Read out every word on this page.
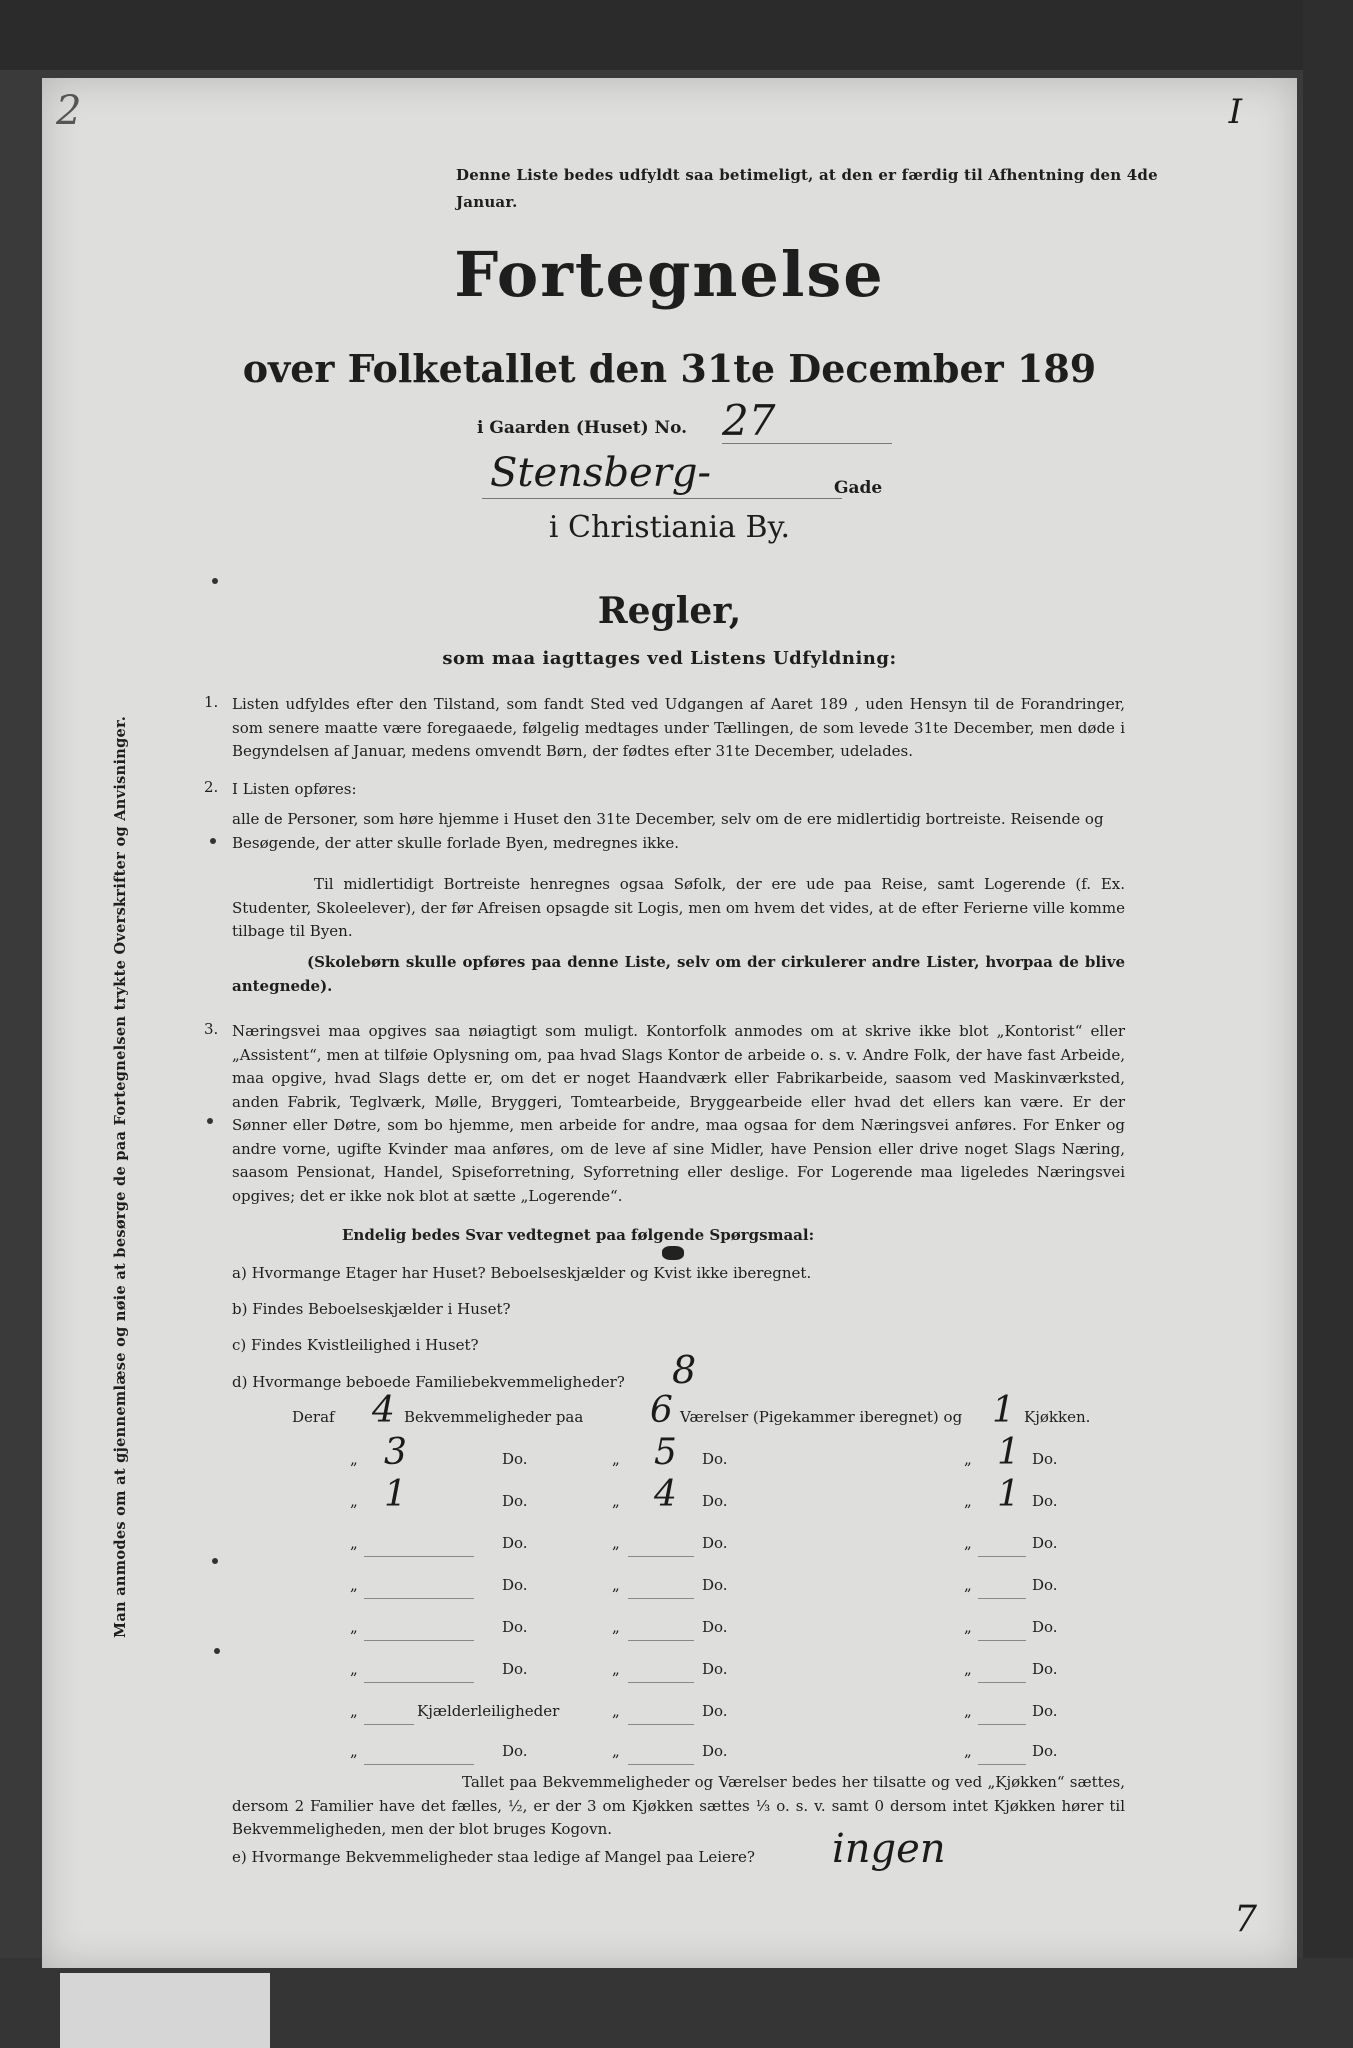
2	I
Denne Liste bedes udfyldt saa betimeligt, at den er færdig til Afhentning den 4de Januar.
Fortegnelse
over Folketallet den 31te December 189
i Gaarden (Huset) No. 27
Stensberg-	Gade
i Christiania By.
Regler,
som maa iagttages ved Listens Udfyldning:
1. Listen udfyldes efter den Tilstand, som fandt Sted ved Udgangen af Aaret 189 , uden Hensyn til de Forandringer, som senere maatte være foregaaede, følgelig medtages under Tællingen, de som levede 31te December, men døde i Begyndelsen af Januar, medens omvendt Børn, der fødtes efter 31te December, udelades.
2. I Listen opføres:
alle de Personer, som høre hjemme i Huset den 31te December, selv om de ere midlertidig bortreiste. Reisende og Besøgende, der atter skulle forlade Byen, medregnes ikke.
Til midlertidigt Bortreiste henregnes ogsaa Søfolk, der ere ude paa Reise, samt Logerende (f. Ex. Studenter, Skoleelever), der før Afreisen opsagde sit Logis, men om hvem det vides, at de efter Ferierne ville komme tilbage til Byen.
(Skolebørn skulle opføres paa denne Liste, selv om der cirkulerer andre Lister, hvorpaa de blive antegnede).
3. Næringsvei maa opgives saa nøiagtigt som muligt. Kontorfolk anmodes om at skrive ikke blot „Kontorist“ eller „Assistent“, men at tilføie Oplysning om, paa hvad Slags Kontor de arbeide o. s. v. Andre Folk, der have fast Arbeide, maa opgive, hvad Slags dette er, om det er noget Haandværk eller Fabrikarbeide, saasom ved Maskinværksted, anden Fabrik, Teglværk, Mølle, Bryggeri, Tomtearbeide, Bryggearbeide eller hvad det ellers kan være. Er der Sønner eller Døtre, som bo hjemme, men arbeide for andre, maa ogsaa for dem Næringsvei anføres. For Enker og andre vorne, ugifte Kvinder maa anføres, om de leve af sine Midler, have Pension eller drive noget Slags Næring, saasom Pensionat, Handel, Spiseforretning, Syforretning eller deslige. For Logerende maa ligeledes Næringsvei opgives; det er ikke nok blot at sætte „Logerende“.
Endelig bedes Svar vedtegnet paa følgende Spørgsmaal:
a) Hvormange Etager har Huset? Beboelseskjælder og Kvist ikke iberegnet.
b) Findes Beboelseskjælder i Huset?
c) Findes Kvistleilighed i Huset?
d) Hvormange beboede Familiebekvemmeligheder? 8
Deraf 4 Bekvemmeligheder paa 6 Værelser (Pigekammer iberegnet) og 1 Kjøkken.
„ 3	Do.	„ 5 Do.	„ 1 Do.
„ 1	Do.	„ 4 Do.	„ 1 Do.
„	Do.	„	Do.	„	Do.
„	Do.	„	Do.	„	Do.
„	Do.	„	Do.	„	Do.
„	Do.	„	Do.	„	Do.
„	Kjælderleiligheder	„	Do.	„	Do.
„	Do.	„	Do.	„	Do.
Tallet paa Bekvemmeligheder og Værelser bedes her tilsatte og ved „Kjøkken“ sættes, dersom 2 Familier have det fælles, ½, er der 3 om Kjøkken sættes ⅓ o. s. v. samt 0 dersom intet Kjøkken hører til Bekvemmeligheden, men der blot bruges Kogovn.
e) Hvormange Bekvemmeligheder staa ledige af Mangel paa Leiere? ingen
Man anmodes om at gjennemlæse og nøie at besørge de paa Fortegnelsen trykte Overskrifter og Anvisninger.
7
